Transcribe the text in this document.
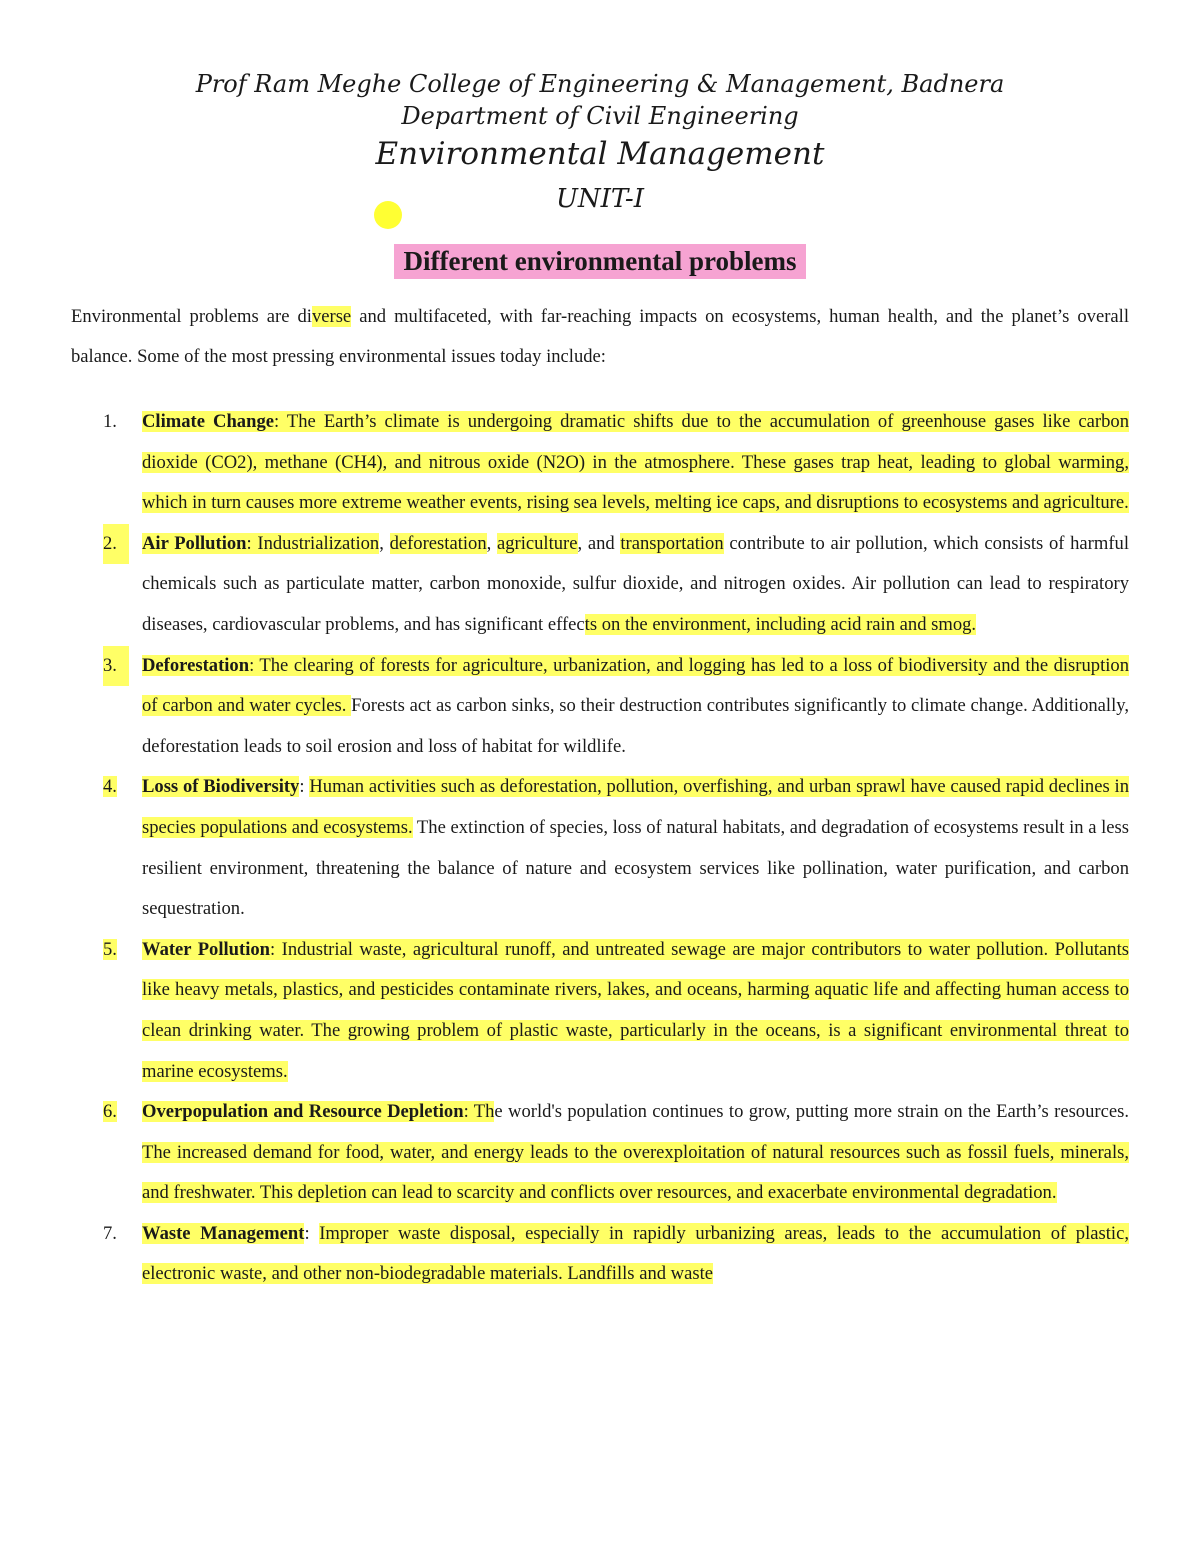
Prof Ram Meghe College of Engineering & Management, Badnera

Department of Civil Engineering

Environmental Management

UNIT-I

Different environmental problems

Environmental problems are diverse and multifaceted, with far-reaching impacts on ecosystems, human health, and the planet’s overall balance. Some of the most pressing environmental issues today include:

1.	Climate Change: The Earth’s climate is undergoing dramatic shifts due to the accumulation of greenhouse gases like carbon dioxide (CO2), methane (CH4), and nitrous oxide (N2O) in the atmosphere. These gases trap heat, leading to global warming, which in turn causes more extreme weather events, rising sea levels, melting ice caps, and disruptions to ecosystems and agriculture.
2.	Air Pollution: Industrialization, deforestation, agriculture, and transportation contribute to air pollution, which consists of harmful chemicals such as particulate matter, carbon monoxide, sulfur dioxide, and nitrogen oxides. Air pollution can lead to respiratory diseases, cardiovascular problems, and has significant effects on the environment, including acid rain and smog.
3.	Deforestation: The clearing of forests for agriculture, urbanization, and logging has led to a loss of biodiversity and the disruption of carbon and water cycles. Forests act as carbon sinks, so their destruction contributes significantly to climate change. Additionally, deforestation leads to soil erosion and loss of habitat for wildlife.
4.	Loss of Biodiversity: Human activities such as deforestation, pollution, overfishing, and urban sprawl have caused rapid declines in species populations and ecosystems. The extinction of species, loss of natural habitats, and degradation of ecosystems result in a less resilient environment, threatening the balance of nature and ecosystem services like pollination, water purification, and carbon sequestration.
5.	Water Pollution: Industrial waste, agricultural runoff, and untreated sewage are major contributors to water pollution. Pollutants like heavy metals, plastics, and pesticides contaminate rivers, lakes, and oceans, harming aquatic life and affecting human access to clean drinking water. The growing problem of plastic waste, particularly in the oceans, is a significant environmental threat to marine ecosystems.
6.	Overpopulation and Resource Depletion: The world's population continues to grow, putting more strain on the Earth’s resources. The increased demand for food, water, and energy leads to the overexploitation of natural resources such as fossil fuels, minerals, and freshwater. This depletion can lead to scarcity and conflicts over resources, and exacerbate environmental degradation.
7.	Waste Management: Improper waste disposal, especially in rapidly urbanizing areas, leads to the accumulation of plastic, electronic waste, and other non-biodegradable materials. Landfills and waste
